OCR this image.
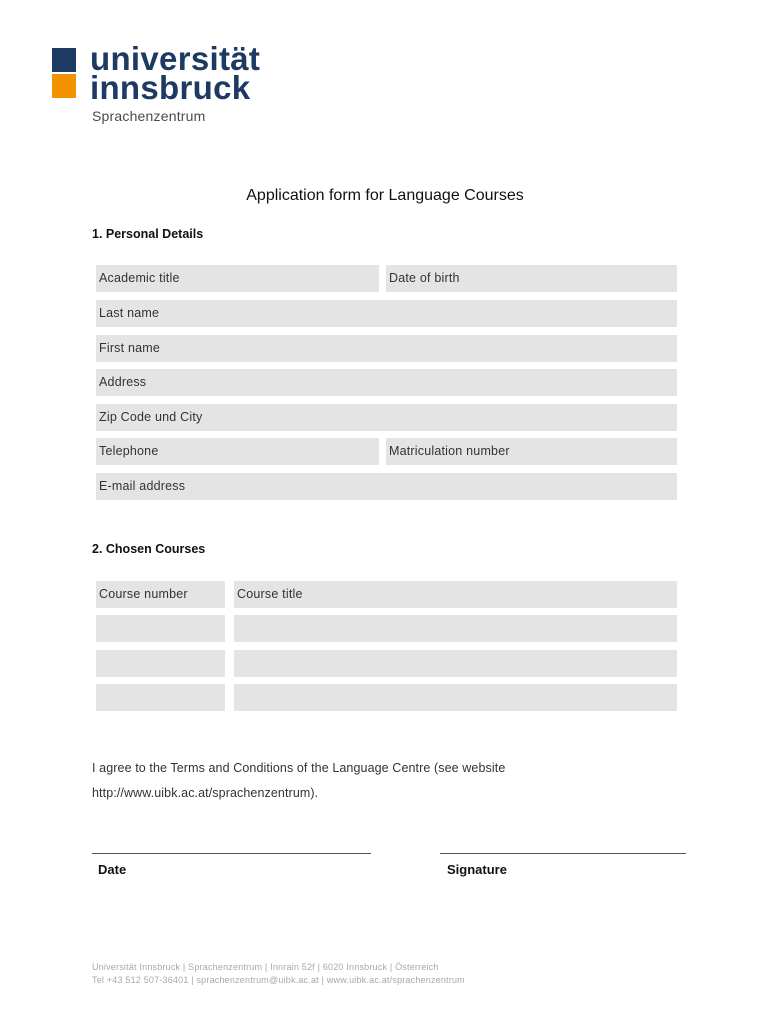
universität
innsbruck
Sprachenzentrum
Application form for Language Courses
1. Personal Details
Academic title	Date of birth
Last name
First name
Address
Zip Code und City
Telephone	Matriculation number
E-mail address
2. Chosen Courses
Course number	Course title
I agree to the Terms and Conditions of the Language Centre (see website
http://www.uibk.ac.at/sprachenzentrum).
Date	Signature
Universität Innsbruck | Sprachenzentrum | Innrain 52f | 6020 Innsbruck | Österreich
Tel +43 512 507-36401 | sprachenzentrum@uibk.ac.at | www.uibk.ac.at/sprachenzentrum
